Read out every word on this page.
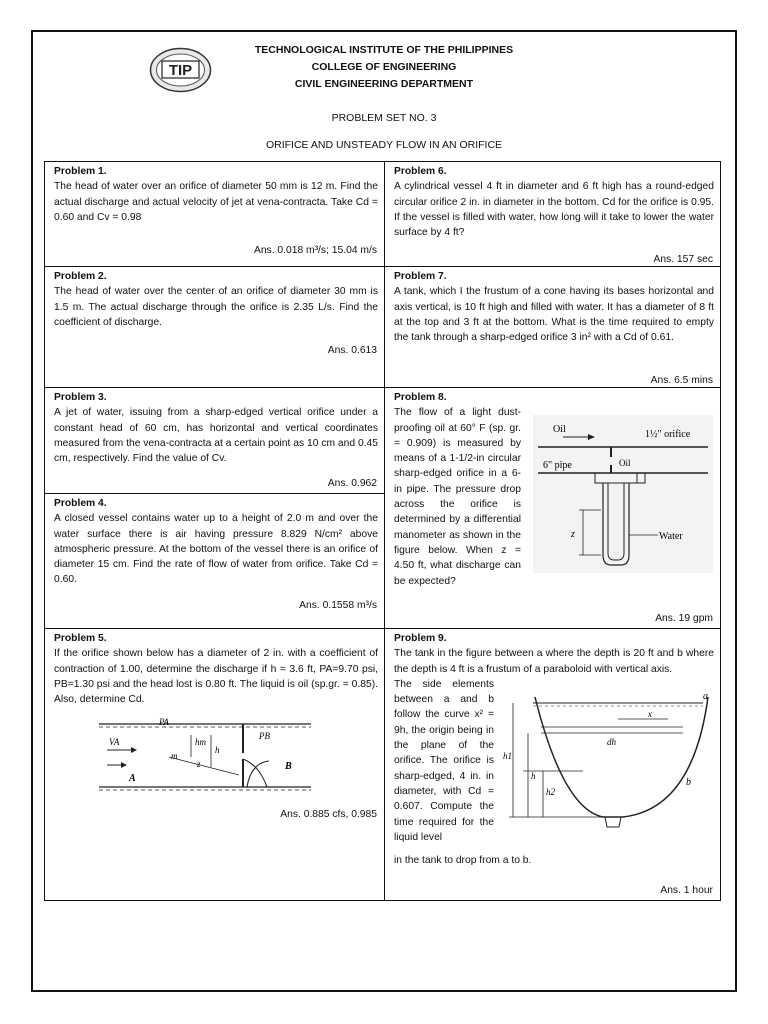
TIP
TECHNOLOGICAL INSTITUTE OF THE PHILIPPINES
COLLEGE OF ENGINEERING
CIVIL ENGINEERING DEPARTMENT
PROBLEM SET NO. 3
ORIFICE AND UNSTEADY FLOW IN AN ORIFICE
Problem 1.
The head of water over an orifice of diameter 50 mm is 12 m. Find the actual discharge and actual velocity of jet at vena-contracta. Take Cd = 0.60 and Cv = 0.98
Ans. 0.018 m³/s; 15.04 m/s
Problem 6.
A cylindrical vessel 4 ft in diameter and 6 ft high has a round-edged circular orifice 2 in. in diameter in the bottom. Cd for the orifice is 0.95. If the vessel is filled with water, how long will it take to lower the water surface by 4 ft?
Ans. 157 sec
Problem 2.
The head of water over the center of an orifice of diameter 30 mm is 1.5 m. The actual discharge through the orifice is 2.35 L/s. Find the coefficient of discharge.
Ans. 0.613
Problem 7.
A tank, which I the frustum of a cone having its bases horizontal and axis vertical, is 10 ft high and filled with water. It has a diameter of 8 ft at the top and 3 ft at the bottom. What is the time required to empty the tank through a sharp-edged orifice 3 in² with a Cd of 0.61.
Ans. 6.5 mins
Problem 3.
A jet of water, issuing from a sharp-edged vertical orifice under a constant head of 60 cm, has horizontal and vertical coordinates measured from the vena-contracta at a certain point as 10 cm and 0.45 cm, respectively. Find the value of Cv.
Ans. 0.962
Problem 4.
A closed vessel contains water up to a height of 2.0 m and over the water surface there is air having pressure 8.829 N/cm² above atmospheric pressure. At the bottom of the vessel there is an orifice of diameter 15 cm. Find the rate of flow of water from orifice. Take Cd = 0.60.
Ans. 0.1558 m³/s
Problem 8.
The flow of a light dust-proofing oil at 60° F (sp. gr. = 0.909) is measured by means of a 1-1/2-in circular sharp-edged orifice in a 6-in pipe. The pressure drop across the orifice is determined by a differential manometer as shown in the figure below. When z = 4.50 ft, what discharge can be expected?
Ans. 19 gpm
Oil	1½" orifice
6" pipe	Oil
z	Water
Problem 5.
If the orifice shown below has a diameter of 2 in. with a coefficient of contraction of 1.00, determine the discharge if h = 3.6 ft, PA=9.70 psi, PB=1.30 psi and the head lost is 0.80 ft. The liquid is oil (sp.gr. = 0.85). Also, determine Cd.
Ans. 0.885 cfs, 0.985
PA
PB
VA
A
B
hm
h
m
z
Problem 9.
The tank in the figure between a where the depth is 20 ft and b where the depth is 4 ft is a frustum of a paraboloid with vertical axis.
The side elements between a and b follow the curve x² = 9h, the origin being in the plane of the orifice. The orifice is sharp-edged, 4 in. in diameter, with Cd = 0.607. Compute the time required for the liquid level
Ans. 1 hour
a
b
x
dh
h1
h
h2
in the tank to drop from a to b.
